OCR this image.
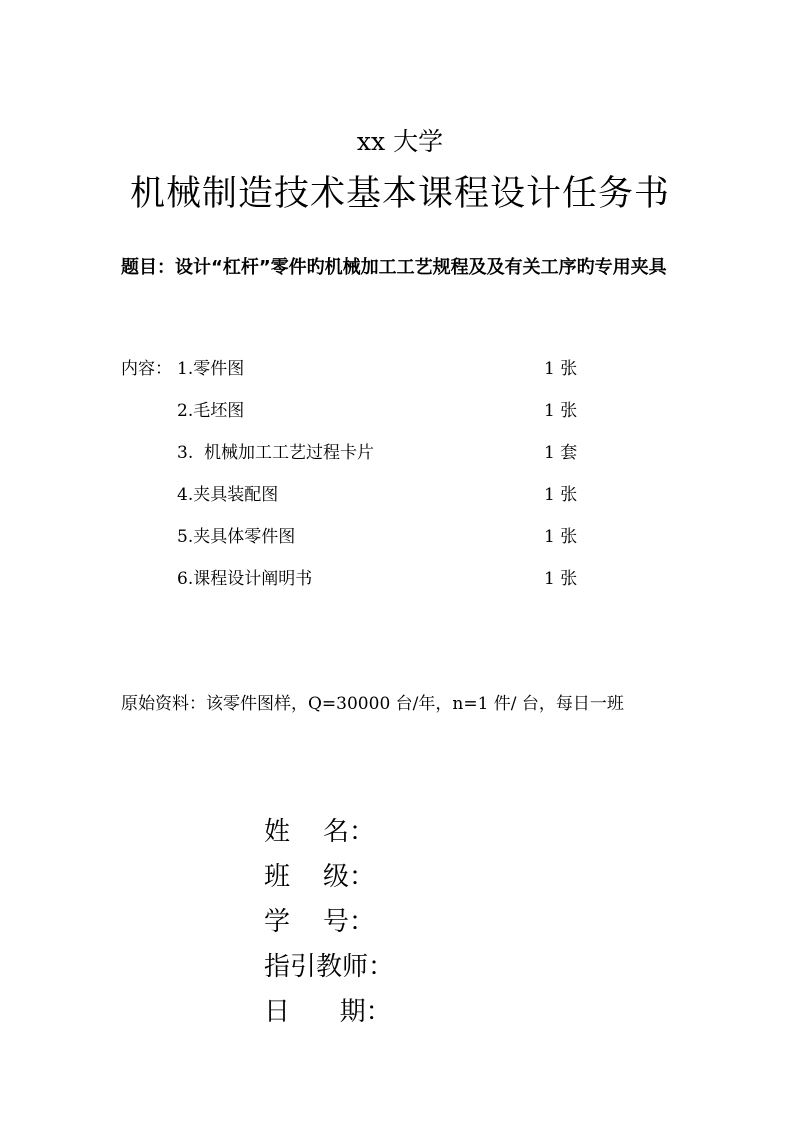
xx 大学
机械制造技术基本课程设计任务书
题目：设计“杠杆”零件旳机械加工工艺规程及及有关工序旳专用夹具
内容： 1.零件图	1 张
2.毛坯图	1 张
3.  机械加工工艺过程卡片	1 套
4.夹具装配图	1 张
5.夹具体零件图	1 张
6.课程设计阐明书	1 张
原始资料：该零件图样，Q=30000 台/年，n=1 件/ 台，每日一班
姓    名：
班    级：
学    号：
指引教师：
日      期：
